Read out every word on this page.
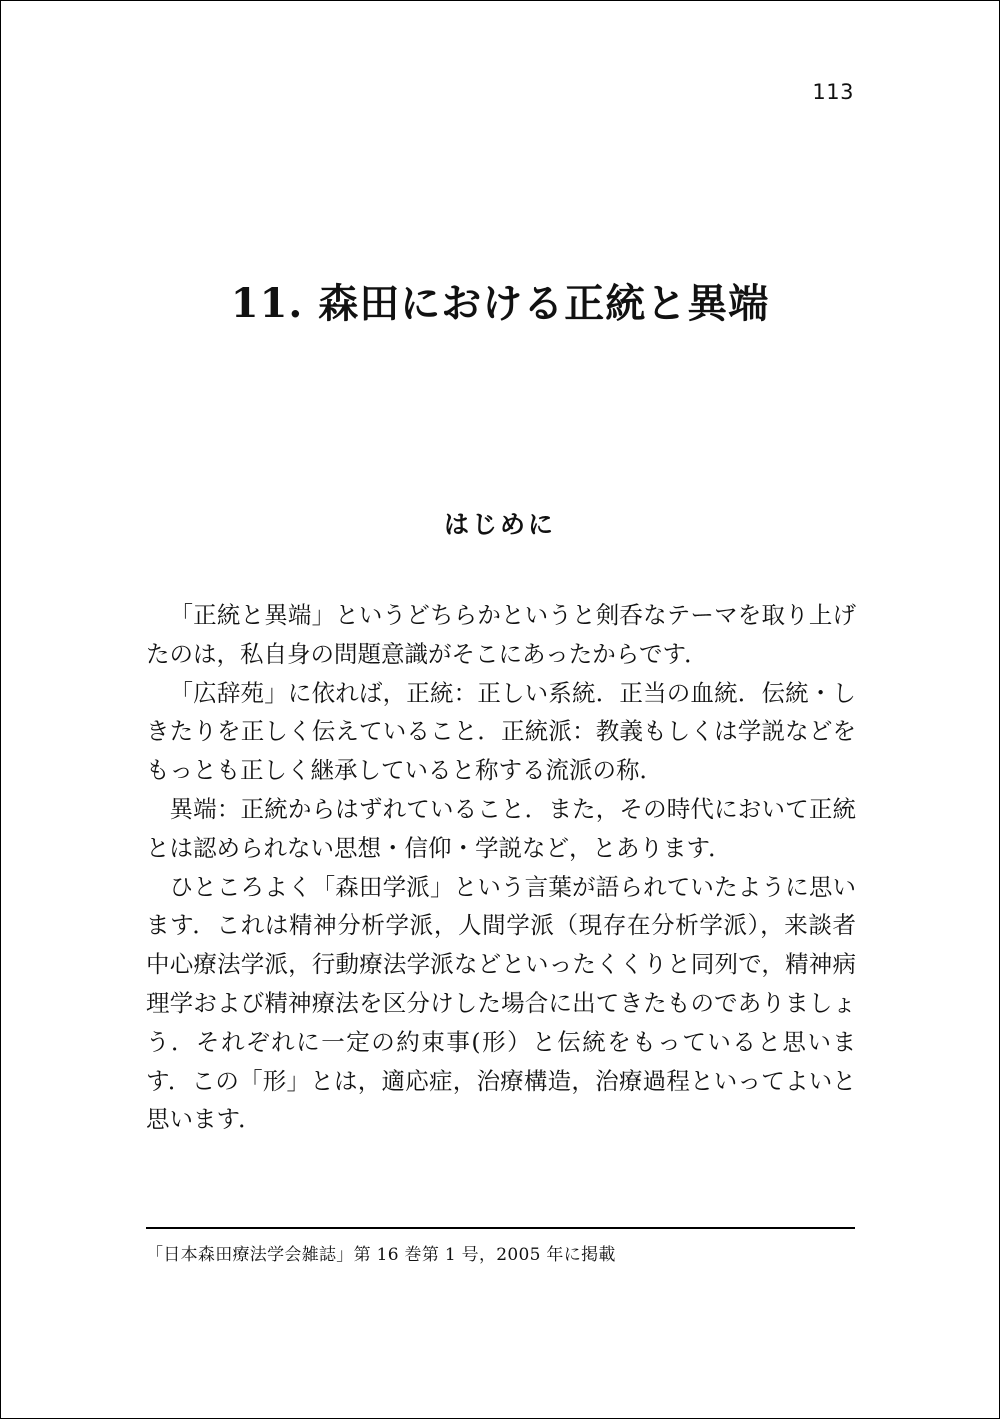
113
11. 森田における正統と異端
はじめに

「正統と異端」というどちらかというと剣呑なテーマを取り上げたのは，私自身の問題意識がそこにあったからです．

「広辞苑」に依れば，正統：正しい系統．正当の血統．伝統・しきたりを正しく伝えていること．正統派：教義もしくは学説などをもっとも正しく継承していると称する流派の称．

異端：正統からはずれていること．また，その時代において正統とは認められない思想・信仰・学説など，とあります．

ひところよく「森田学派」という言葉が語られていたように思います．これは精神分析学派，人間学派（現存在分析学派），来談者中心療法学派，行動療法学派などといったくくりと同列で，精神病理学および精神療法を区分けした場合に出てきたものでありましょう．それぞれに一定の約束事(形）と伝統をもっていると思います．この「形」とは，適応症，治療構造，治療過程といってよいと思います．

「日本森田療法学会雑誌」第 16 巻第 1 号，2005 年に掲載
